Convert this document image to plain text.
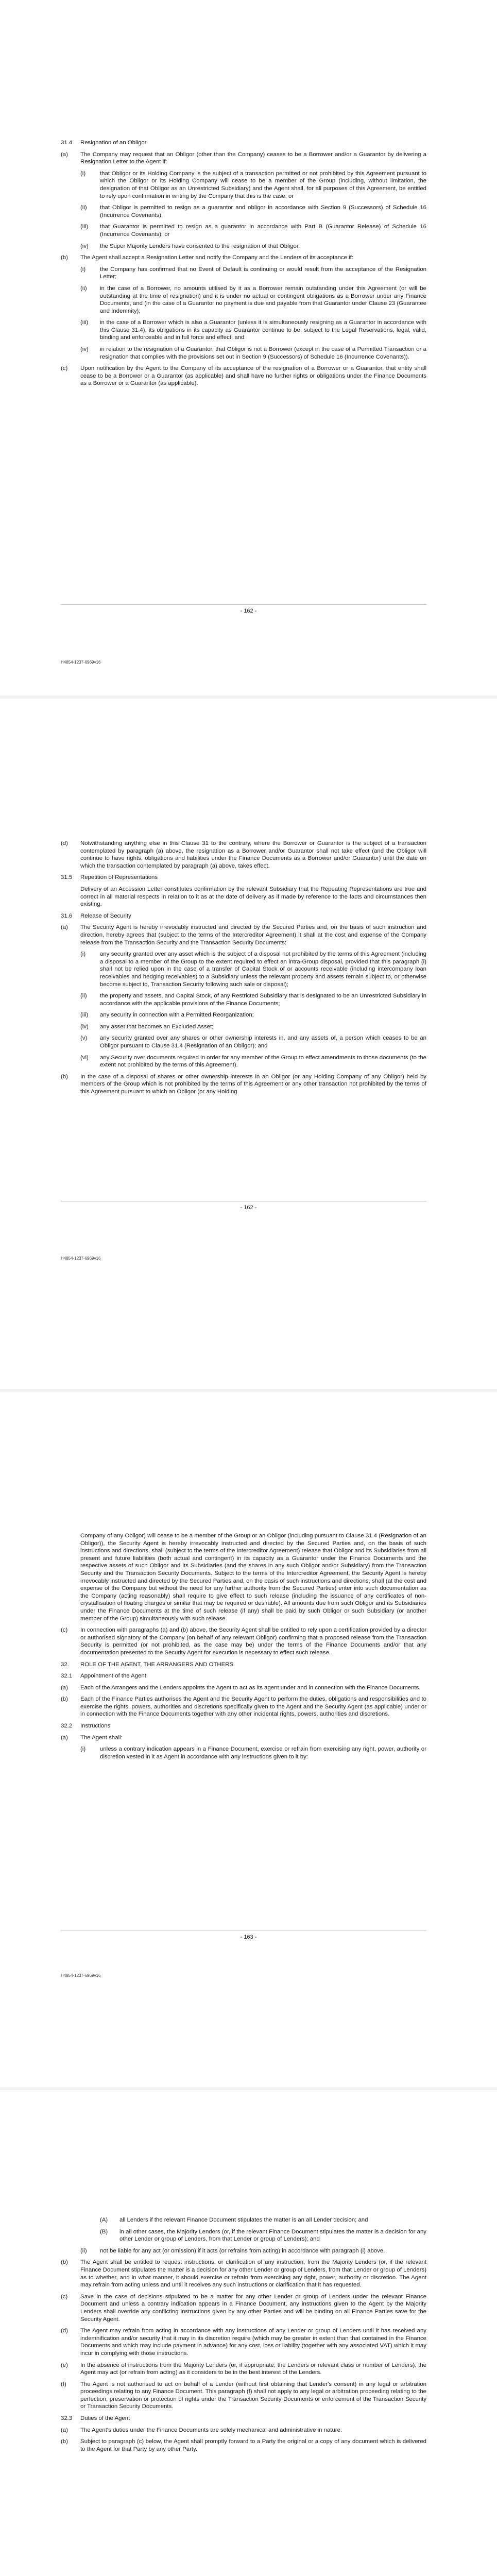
31.4	Resignation of an Obligor
(a)	The Company may request that an Obligor (other than the Company) ceases to be a Borrower and/or a Guarantor by delivering a Resignation Letter to the Agent if:
(i)	that Obligor or its Holding Company is the subject of a transaction permitted or not prohibited by this Agreement pursuant to which the Obligor or its Holding Company will cease to be a member of the Group (including, without limitation, the designation of that Obligor as an Unrestricted Subsidiary) and the Agent shall, for all purposes of this Agreement, be entitled to rely upon confirmation in writing by the Company that this is the case; or
(ii)	that Obligor is permitted to resign as a guarantor and obligor in accordance with Section 9 (Successors) of Schedule 16 (Incurrence Covenants);
(iii)	that Guarantor is permitted to resign as a guarantor in accordance with Part B (Guarantor Release) of Schedule 16 (Incurrence Covenants); or
(iv)	the Super Majority Lenders have consented to the resignation of that Obligor.
(b)	The Agent shall accept a Resignation Letter and notify the Company and the Lenders of its acceptance if:
(i)	the Company has confirmed that no Event of Default is continuing or would result from the acceptance of the Resignation Letter;
(ii)	in the case of a Borrower, no amounts utilised by it as a Borrower remain outstanding under this Agreement (or will be outstanding at the time of resignation) and it is under no actual or contingent obligations as a Borrower under any Finance Documents, and (in the case of a Guarantor no payment is due and payable from that Guarantor under Clause 23 (Guarantee and Indemnity);
(iii)	in the case of a Borrower which is also a Guarantor (unless it is simultaneously resigning as a Guarantor in accordance with this Clause 31.4), its obligations in its capacity as Guarantor continue to be, subject to the Legal Reservations, legal, valid, binding and enforceable and in full force and effect; and
(iv)	in relation to the resignation of a Guarantor, that Obligor is not a Borrower (except in the case of a Permitted Transaction or a resignation that complies with the provisions set out in Section 9 (Successors) of Schedule 16 (Incurrence Covenants)).
(c)	Upon notification by the Agent to the Company of its acceptance of the resignation of a Borrower or a Guarantor, that entity shall cease to be a Borrower or a Guarantor (as applicable) and shall have no further rights or obligations under the Finance Documents as a Borrower or a Guarantor (as applicable).
- 162 -
H4854-1237-6969v16
(d)	Notwithstanding anything else in this Clause 31 to the contrary, where the Borrower or Guarantor is the subject of a transaction contemplated by paragraph (a) above, the resignation as a Borrower and/or Guarantor shall not take effect (and the Obligor will continue to have rights, obligations and liabilities under the Finance Documents as a Borrower and/or Guarantor) until the date on which the transaction contemplated by paragraph (a) above, takes effect.
31.5	Repetition of Representations

Delivery of an Accession Letter constitutes confirmation by the relevant Subsidiary that the Repeating Representations are true and correct in all material respects in relation to it as at the date of delivery as if made by reference to the facts and circumstances then existing.

31.6	Release of Security
(a)	The Security Agent is hereby irrevocably instructed and directed by the Secured Parties and, on the basis of such instruction and direction, hereby agrees that (subject to the terms of the Intercreditor Agreement) it shall at the cost and expense of the Company release from the Transaction Security and the Transaction Security Documents:
(i)	any security granted over any asset which is the subject of a disposal not prohibited by the terms of this Agreement (including a disposal to a member of the Group to the extent required to effect an intra-Group disposal, provided that this paragraph (i) shall not be relied upon in the case of a transfer of Capital Stock of or accounts receivable (including intercompany loan receivables and hedging receivables) to a Subsidiary unless the relevant property and assets remain subject to, or otherwise become subject to, Transaction Security following such sale or disposal);
(ii)	the property and assets, and Capital Stock, of any Restricted Subsidiary that is designated to be an Unrestricted Subsidiary in accordance with the applicable provisions of the Finance Documents;
(iii)	any security in connection with a Permitted Reorganization;
(iv)	any asset that becomes an Excluded Asset;
(v)	any security granted over any shares or other ownership interests in, and any assets of, a person which ceases to be an Obligor pursuant to Clause 31.4 (Resignation of an Obligor); and
(vi)	any Security over documents required in order for any member of the Group to effect amendments to those documents (to the extent not prohibited by the terms of this Agreement).
(b)	In the case of a disposal of shares or other ownership interests in an Obligor (or any Holding Company of any Obligor) held by members of the Group which is not prohibited by the terms of this Agreement or any other transaction not prohibited by the terms of this Agreement pursuant to which an Obligor (or any Holding
- 162 -
H4854-1237-6969v16

Company of any Obligor) will cease to be a member of the Group or an Obligor (including pursuant to Clause 31.4 (Resignation of an Obligor)), the Security Agent is hereby irrevocably instructed and directed by the Secured Parties and, on the basis of such instructions and directions, shall (subject to the terms of the Intercreditor Agreement) release that Obligor and its Subsidiaries from all present and future liabilities (both actual and contingent) in its capacity as a Guarantor under the Finance Documents and the respective assets of such Obligor and its Subsidiaries (and the shares in any such Obligor and/or Subsidiary) from the Transaction Security and the Transaction Security Documents. Subject to the terms of the Intercreditor Agreement, the Security Agent is hereby irrevocably instructed and directed by the Secured Parties and, on the basis of such instructions and directions, shall (at the cost and expense of the Company but without the need for any further authority from the Secured Parties) enter into such documentation as the Company (acting reasonably) shall require to give effect to such release (including the issuance of any certificates of non-crystallisation of floating charges or similar that may be required or desirable). All amounts due from such Obligor and its Subsidiaries under the Finance Documents at the time of such release (if any) shall be paid by such Obligor or such Subsidiary (or another member of the Group) simultaneously with such release.

(c)	In connection with paragraphs (a) and (b) above, the Security Agent shall be entitled to rely upon a certification provided by a director or authorised signatory of the Company (on behalf of any relevant Obligor) confirming that a proposed release from the Transaction Security is permitted (or not prohibited, as the case may be) under the terms of the Finance Documents and/or that any documentation presented to the Security Agent for execution is necessary to effect such release.
32.	ROLE OF THE AGENT, THE ARRANGERS AND OTHERS
32.1	Appointment of the Agent
(a)	Each of the Arrangers and the Lenders appoints the Agent to act as its agent under and in connection with the Finance Documents.
(b)	Each of the Finance Parties authorises the Agent and the Security Agent to perform the duties, obligations and responsibilities and to exercise the rights, powers, authorities and discretions specifically given to the Agent and the Security Agent (as applicable) under or in connection with the Finance Documents together with any other incidental rights, powers, authorities and discretions.
32.2	Instructions
(a)	The Agent shall:
(i)	unless a contrary indication appears in a Finance Document, exercise or refrain from exercising any right, power, authority or discretion vested in it as Agent in accordance with any instructions given to it by:
- 163 -
H4854-1237-6969v16
(A)	all Lenders if the relevant Finance Document stipulates the matter is an all Lender decision; and
(B)	in all other cases, the Majority Lenders (or, if the relevant Finance Document stipulates the matter is a decision for any other Lender or group of Lenders, from that Lender or group of Lenders); and
(ii)	not be liable for any act (or omission) if it acts (or refrains from acting) in accordance with paragraph (i) above.
(b)	The Agent shall be entitled to request instructions, or clarification of any instruction, from the Majority Lenders (or, if the relevant Finance Document stipulates the matter is a decision for any other Lender or group of Lenders, from that Lender or group of Lenders) as to whether, and in what manner, it should exercise or refrain from exercising any right, power, authority or discretion. The Agent may refrain from acting unless and until it receives any such instructions or clarification that it has requested.
(c)	Save in the case of decisions stipulated to be a matter for any other Lender or group of Lenders under the relevant Finance Document and unless a contrary indication appears in a Finance Document, any instructions given to the Agent by the Majority Lenders shall override any conflicting instructions given by any other Parties and will be binding on all Finance Parties save for the Security Agent.
(d)	The Agent may refrain from acting in accordance with any instructions of any Lender or group of Lenders until it has received any indemnification and/or security that it may in its discretion require (which may be greater in extent than that contained in the Finance Documents and which may include payment in advance) for any cost, loss or liability (together with any associated VAT) which it may incur in complying with those instructions.
(e)	In the absence of instructions from the Majority Lenders (or, if appropriate, the Lenders or relevant class or number of Lenders), the Agent may act (or refrain from acting) as it considers to be in the best interest of the Lenders.
(f)	The Agent is not authorised to act on behalf of a Lender (without first obtaining that Lender's consent) in any legal or arbitration proceedings relating to any Finance Document. This paragraph (f) shall not apply to any legal or arbitration proceeding relating to the perfection, preservation or protection of rights under the Transaction Security Documents or enforcement of the Transaction Security or Transaction Security Documents.
32.3	Duties of the Agent
(a)	The Agent's duties under the Finance Documents are solely mechanical and administrative in nature.
(b)	Subject to paragraph (c) below, the Agent shall promptly forward to a Party the original or a copy of any document which is delivered to the Agent for that Party by any other Party.
